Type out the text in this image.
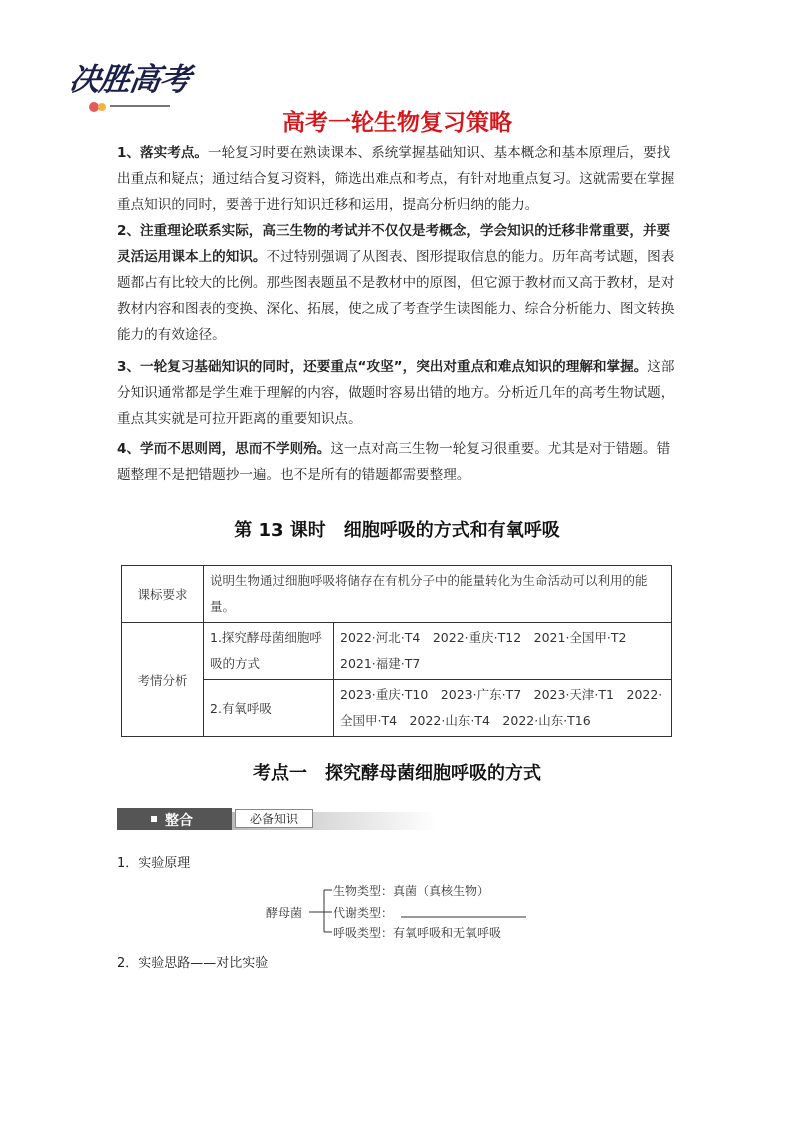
决胜高考
高考一轮生物复习策略
1、落实考点。一轮复习时要在熟读课本、系统掌握基础知识、基本概念和基本原理后，要找出重点和疑点；通过结合复习资料，筛选出难点和考点，有针对地重点复习。这就需要在掌握重点知识的同时，要善于进行知识迁移和运用，提高分析归纳的能力。
2、注重理论联系实际，高三生物的考试并不仅仅是考概念，学会知识的迁移非常重要，并要灵活运用课本上的知识。不过特别强调了从图表、图形提取信息的能力。历年高考试题，图表题都占有比较大的比例。那些图表题虽不是教材中的原图，但它源于教材而又高于教材，是对教材内容和图表的变换、深化、拓展，使之成了考查学生读图能力、综合分析能力、图文转换能力的有效途径。
3、一轮复习基础知识的同时，还要重点“攻坚”，突出对重点和难点知识的理解和掌握。这部分知识通常都是学生难于理解的内容，做题时容易出错的地方。分析近几年的高考生物试题，重点其实就是可拉开距离的重要知识点。
4、学而不思则罔，思而不学则殆。这一点对高三生物一轮复习很重要。尤其是对于错题。错题整理不是把错题抄一遍。也不是所有的错题都需要整理。
第 13 课时　细胞呼吸的方式和有氧呼吸
课标要求	说明生物通过细胞呼吸将储存在有机分子中的能量转化为生命活动可以利用的能量。	
考情分析	1.探究酵母菌细胞呼吸的方式	2022·河北·T4　2022·重庆·T12　2021·全国甲·T2　2021·福建·T7
	2.有氧呼吸	2023·重庆·T10　2023·广东·T7　2023·天津·T1　2022·全国甲·T4　2022·山东·T4　2022·山东·T16
考点一　探究酵母菌细胞呼吸的方式
整合	必备知识
1．实验原理
酵母菌
生物类型：真菌（真核生物）
代谢类型：
呼吸类型：有氧呼吸和无氧呼吸
2．实验思路——对比实验
